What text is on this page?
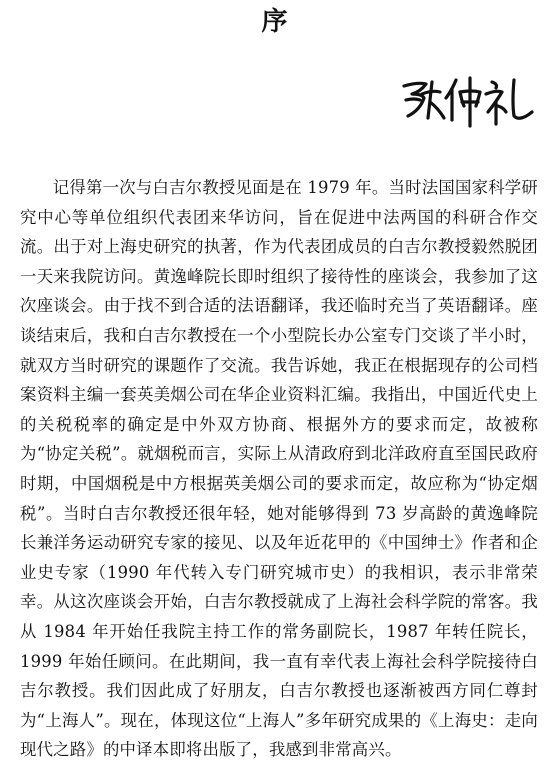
序

记得第一次与白吉尔教授见面是在 1979 年。当时法国国家科学研究中心等单位组织代表团来华访问，旨在促进中法两国的科研合作交流。出于对上海史研究的执著，作为代表团成员的白吉尔教授毅然脱团一天来我院访问。黄逸峰院长即时组织了接待性的座谈会，我参加了这次座谈会。由于找不到合适的法语翻译，我还临时充当了英语翻译。座谈结束后，我和白吉尔教授在一个小型院长办公室专门交谈了半小时，就双方当时研究的课题作了交流。我告诉她，我正在根据现存的公司档案资料主编一套英美烟公司在华企业资料汇编。我指出，中国近代史上的关税税率的确定是中外双方协商、根据外方的要求而定，故被称为“协定关税”。就烟税而言，实际上从清政府到北洋政府直至国民政府时期，中国烟税是中方根据英美烟公司的要求而定，故应称为“协定烟税”。当时白吉尔教授还很年轻，她对能够得到 73 岁高龄的黄逸峰院长兼洋务运动研究专家的接见、以及年近花甲的《中国绅士》作者和企业史专家（1990 年代转入专门研究城市史）的我相识，表示非常荣幸。从这次座谈会开始，白吉尔教授就成了上海社会科学院的常客。我从 1984 年开始任我院主持工作的常务副院长，1987 年转任院长，1999 年始任顾问。在此期间，我一直有幸代表上海社会科学院接待白吉尔教授。我们因此成了好朋友，白吉尔教授也逐渐被西方同仁尊封为“上海人”。现在，体现这位“上海人”多年研究成果的《上海史：走向现代之路》的中译本即将出版了，我感到非常高兴。
